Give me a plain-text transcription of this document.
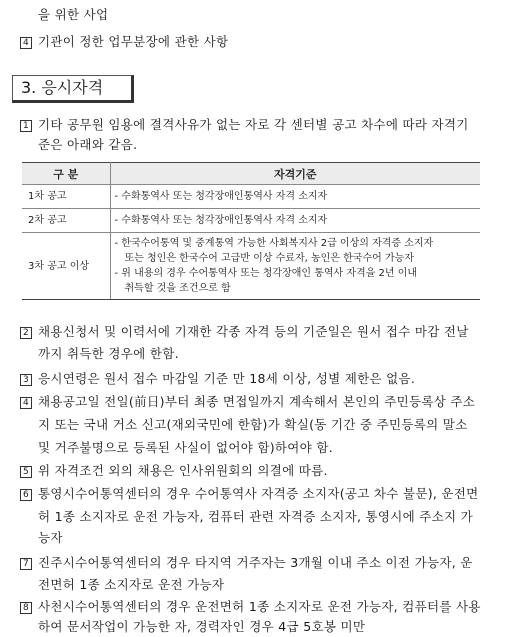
을 위한 사업
4 기관이 정한 업무분장에 관한 사항
3. 응시자격
1 기타 공무원 임용에 결격사유가 없는 자로 각 센터별 공고 차수에 따라 자격기
준은 아래와 같음.
구 분	자격기준
1차 공고	- 수화통역사 또는 청각장애인통역사 자격 소지자

2차 공고	- 수화통역사 또는 청각장애인통역사 자격 소지자

3차 공고 이상	- 한국수어통역 및 중계통역 가능한 사회복지사 2급 이상의 자격증 소지자
또는 청인은 한국수어 고급반 이상 수료자, 농인은 한국수어 가능자
- 위 내용의 경우 수어통역사 또는 청각장애인 통역사 자격을 2년 이내
취득할 것을 조건으로 함
2 채용신청서 및 이력서에 기재한 각종 자격 등의 기준일은 원서 접수 마감 전날
까지 취득한 경우에 한함.
3 응시연령은 원서 접수 마감일 기준 만 18세 이상, 성별 제한은 없음.
4 채용공고일 전일(前日)부터 최종 면접일까지 계속해서 본인의 주민등록상 주소
지 또는 국내 거소 신고(재외국민에 한함)가 확실(동 기간 중 주민등록의 말소
및 거주불명으로 등록된 사실이 없어야 함)하여야 함.
5 위 자격조건 외의 채용은 인사위원회의 의결에 따름.
6 통영시수어통역센터의 경우 수어통역사 자격증 소지자(공고 차수 불문), 운전면
허 1종 소지자로 운전 가능자, 컴퓨터 관련 자격증 소지자, 통영시에 주소지 가
능자
7 진주시수어통역센터의 경우 타지역 거주자는 3개월 이내 주소 이전 가능자, 운
전면허 1종 소지자로 운전 가능자
8 사천시수어통역센터의 경우 운전면허 1종 소지자로 운전 가능자, 컴퓨터를 사용
하여 문서작업이 가능한 자, 경력자인 경우 4급 5호봉 미만
